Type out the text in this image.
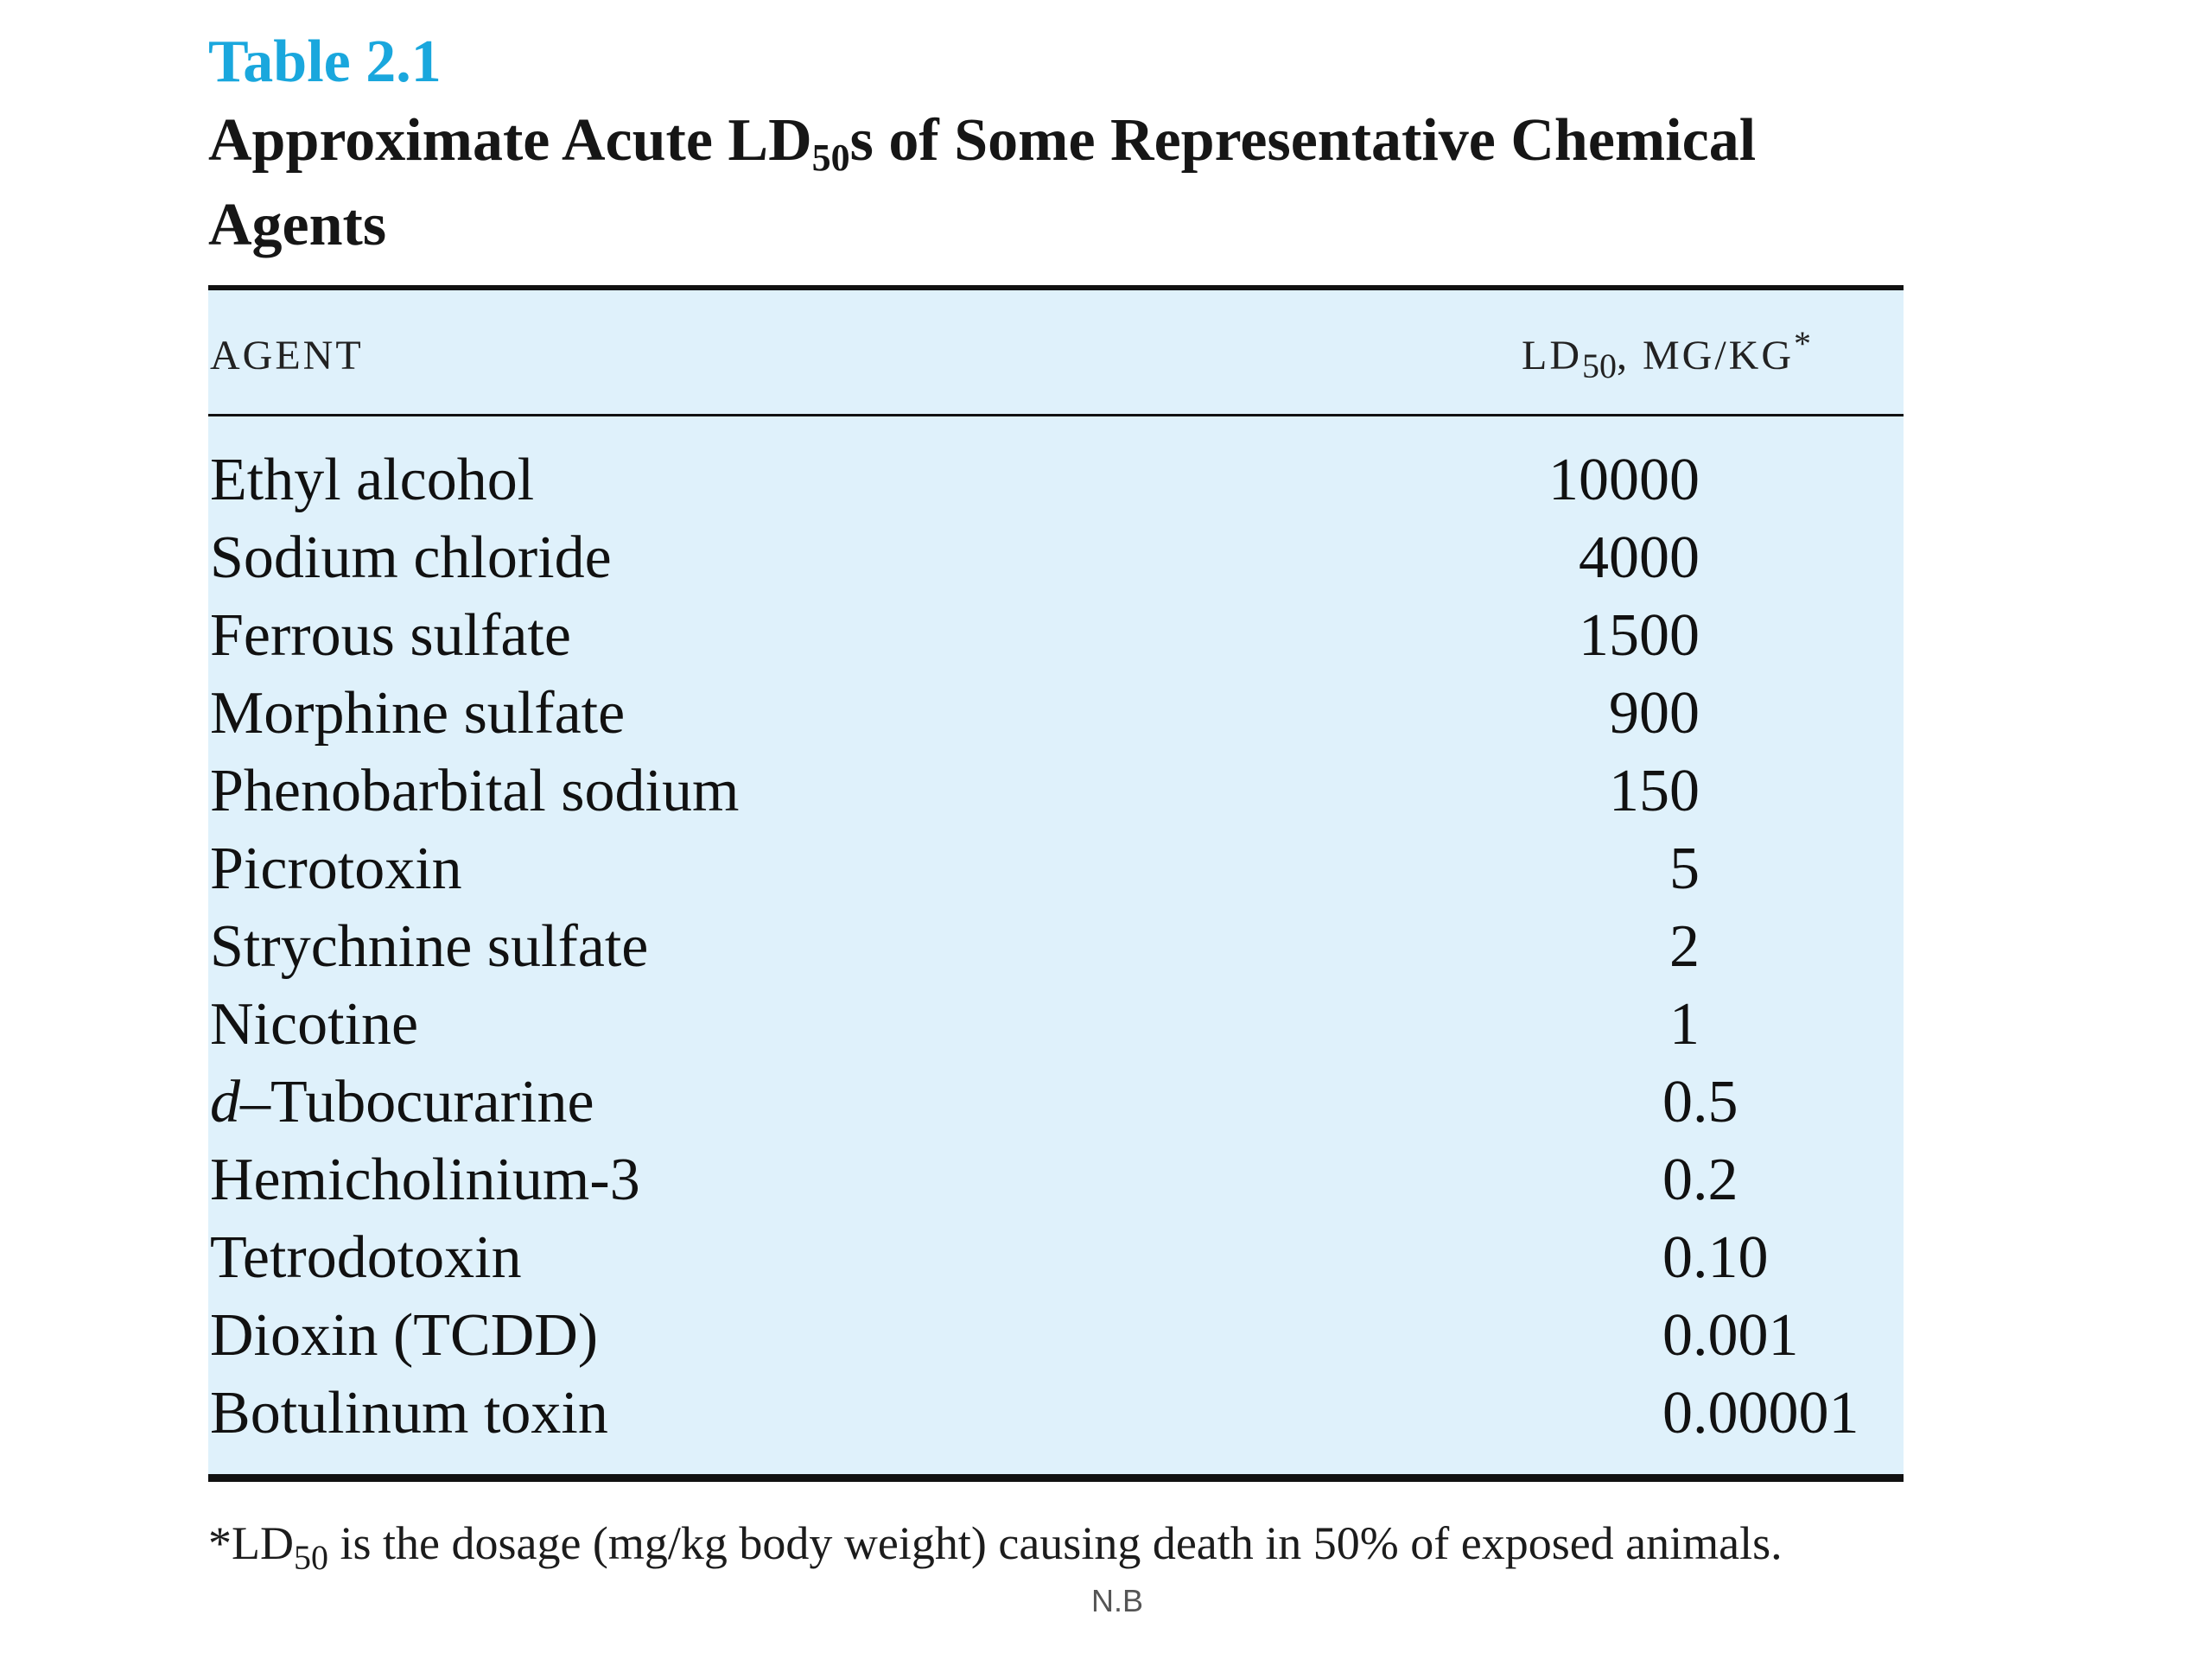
Table 2.1
Approximate Acute $LD_{50}s$ of Some Representative Chemical Agents
AGENT	$LD_{50}$, MG/KG*
Ethyl alcohol	10000
Sodium chloride	4000
Ferrous sulfate	1500
Morphine sulfate	900
Phenobarbital sodium	150
Picrotoxin	5
Strychnine sulfate	2
Nicotine	1
d–Tubocurarine	0.5
Hemicholinium-3	0.2
Tetrodotoxin	0.10
Dioxin (TCDD)	0.001
Botulinum toxin	0.00001
$*LD_{50}$ is the dosage (mg/kg body weight) causing death in 50% of exposed animals.
N.B
